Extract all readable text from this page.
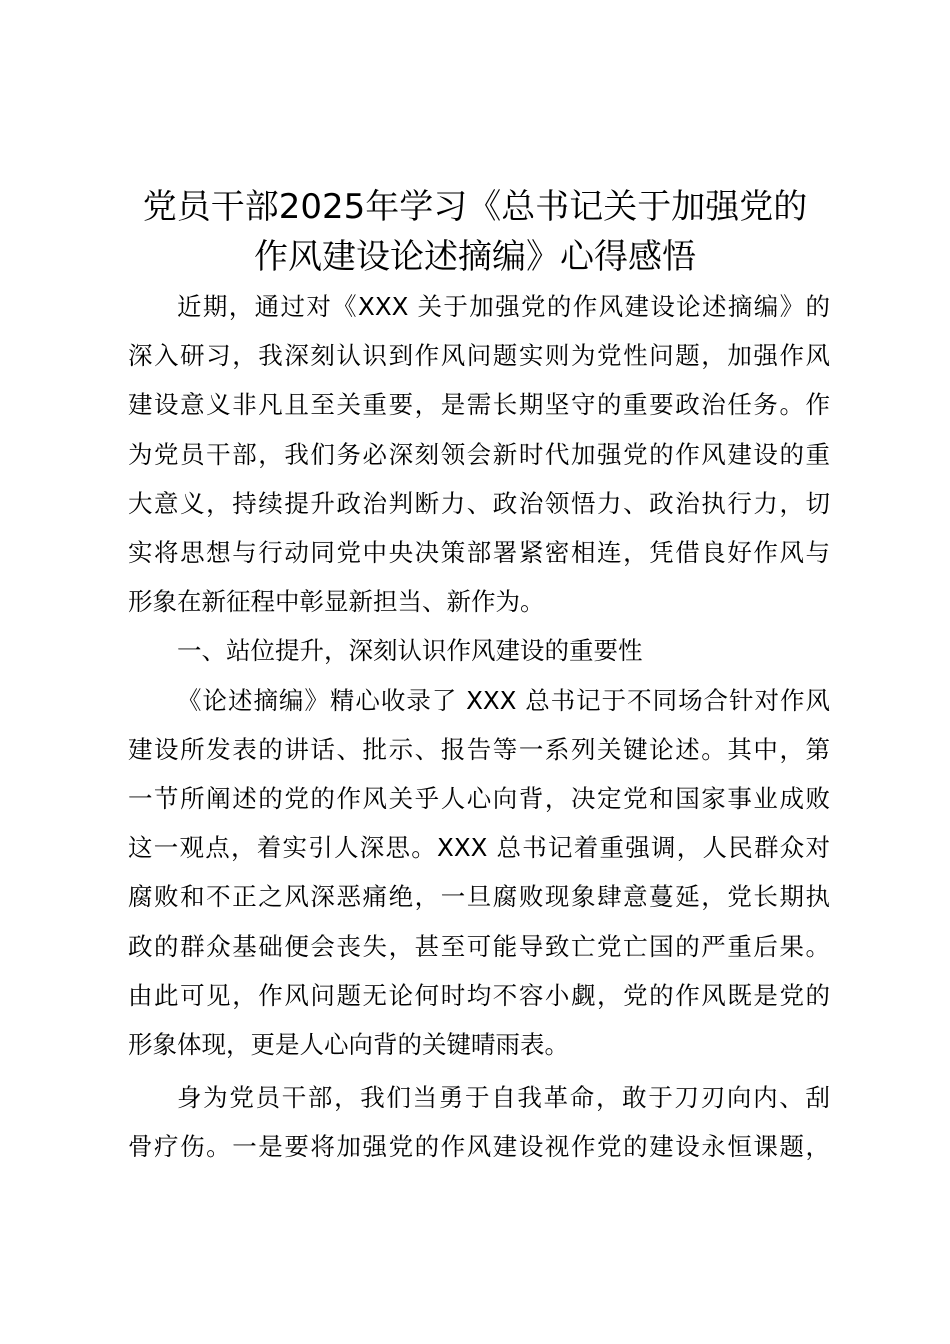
党员干部2025年学习《总书记关于加强党的
作风建设论述摘编》心得感悟

近期，通过对《XXX 关于加强党的作风建设论述摘编》的
深入研习，我深刻认识到作风问题实则为党性问题，加强作风
建设意义非凡且至关重要，是需长期坚守的重要政治任务。作
为党员干部，我们务必深刻领会新时代加强党的作风建设的重
大意义，持续提升政治判断力、政治领悟力、政治执行力，切
实将思想与行动同党中央决策部署紧密相连，凭借良好作风与
形象在新征程中彰显新担当、新作为。

一、站位提升，深刻认识作风建设的重要性

《论述摘编》精心收录了 XXX 总书记于不同场合针对作风
建设所发表的讲话、批示、报告等一系列关键论述。其中，第
一节所阐述的党的作风关乎人心向背，决定党和国家事业成败
这一观点，着实引人深思。XXX 总书记着重强调，人民群众对
腐败和不正之风深恶痛绝，一旦腐败现象肆意蔓延，党长期执
政的群众基础便会丧失，甚至可能导致亡党亡国的严重后果。
由此可见，作风问题无论何时均不容小觑，党的作风既是党的
形象体现，更是人心向背的关键晴雨表。

身为党员干部，我们当勇于自我革命，敢于刀刃向内、刮
骨疗伤。一是要将加强党的作风建设视作党的建设永恒课题，
